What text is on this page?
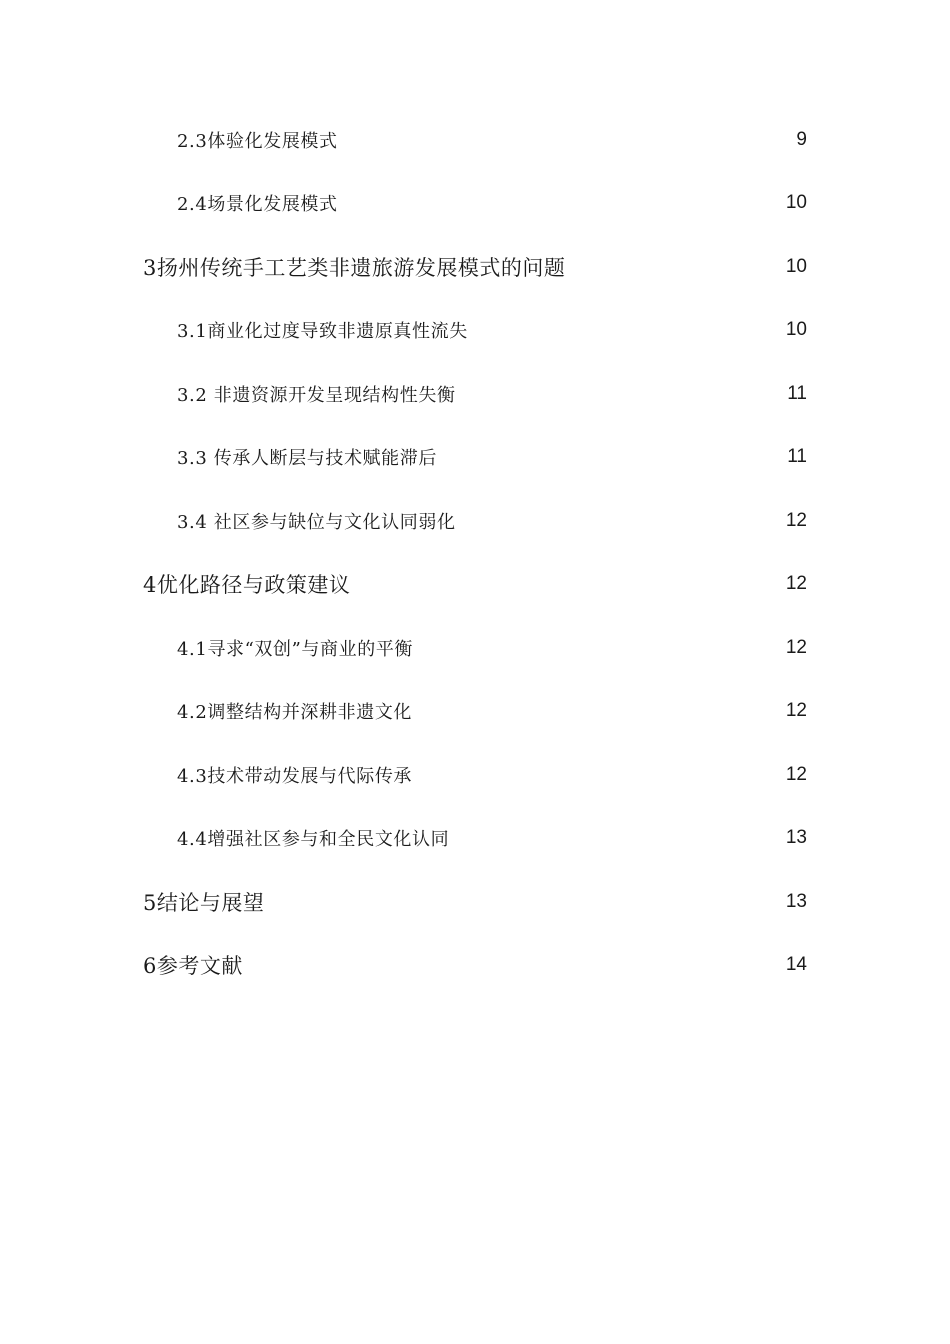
2.3体验化发展模式	9
2.4场景化发展模式	10
3扬州传统手工艺类非遗旅游发展模式的问题	10
3.1商业化过度导致非遗原真性流失	10
3.2 非遗资源开发呈现结构性失衡	11
3.3 传承人断层与技术赋能滞后	11
3.4 社区参与缺位与文化认同弱化	12
4优化路径与政策建议	12
4.1寻求“双创”与商业的平衡	12
4.2调整结构并深耕非遗文化	12
4.3技术带动发展与代际传承	12
4.4增强社区参与和全民文化认同	13
5结论与展望	13
6参考文献	14
